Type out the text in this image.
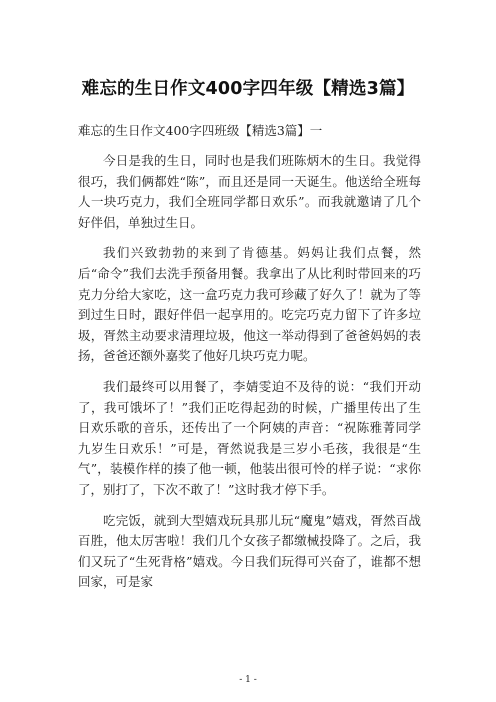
难忘的生日作文400字四年级【精选3篇】
难忘的生日作文400字四班级【精选3篇】一

今日是我的生日，同时也是我们班陈炳木的生日。我觉得很巧，我们俩都姓“陈”，而且还是同一天诞生。他送给全班每人一块巧克力，我们全班同学都日欢乐”。而我就邀请了几个好伴侣，单独过生日。

我们兴致勃勃的来到了肯德基。妈妈让我们点餐，然后“命令”我们去洗手预备用餐。我拿出了从比利时带回来的巧克力分给大家吃，这一盒巧克力我可珍藏了好久了！就为了等到过生日时，跟好伴侣一起享用的。吃完巧克力留下了许多垃圾，胥然主动要求清理垃圾，他这一举动得到了爸爸妈妈的表扬，爸爸还额外嘉奖了他好几块巧克力呢。

我们最终可以用餐了，李婧雯迫不及待的说：“我们开动了，我可饿坏了！”我们正吃得起劲的时候，广播里传出了生日欢乐歌的音乐，还传出了一个阿姨的声音：“祝陈雅菁同学九岁生日欢乐！”可是，胥然说我是三岁小毛孩，我很是“生气”，装模作样的揍了他一顿，他装出很可怜的样子说：“求你了，别打了，下次不敢了！”这时我才停下手。

吃完饭，就到大型嬉戏玩具那儿玩“魔鬼”嬉戏，胥然百战百胜，他太厉害啦！我们几个女孩子都缴械投降了。之后，我们又玩了“生死背格”嬉戏。今日我们玩得可兴奋了，谁都不想回家，可是家

- 1 -
